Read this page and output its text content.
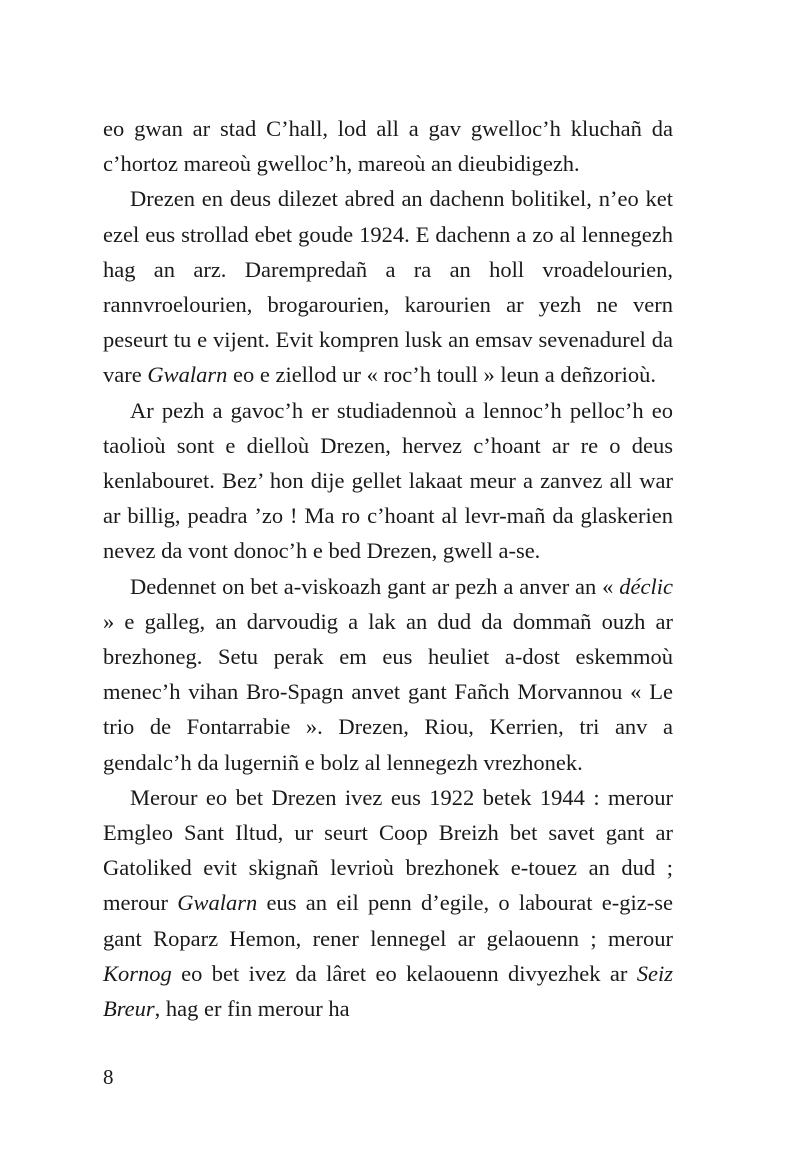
eo gwan ar stad C’hall, lod all a gav gwelloc’h kluchañ da c’hortoz mareoù gwelloc’h, mareoù an dieubidigezh.

Drezen en deus dilezet abred an dachenn bolitikel, n’eo ket ezel eus strollad ebet goude 1924. E dachenn a zo al lennegezh hag an arz. Darempredañ a ra an holl vroadelourien, rannvroelourien, brogarourien, karourien ar yezh ne vern peseurt tu e vijent. Evit kompren lusk an emsav sevenadurel da vare Gwalarn eo e ziellod ur « roc’h toull » leun a deñzorioù.

Ar pezh a gavoc’h er studiadennoù a lennoc’h pelloc’h eo taolioù sont e dielloù Drezen, hervez c’hoant ar re o deus kenlabouret. Bez’ hon dije gellet lakaat meur a zanvez all war ar billig, peadra ’zo ! Ma ro c’hoant al levr-mañ da glaskerien nevez da vont donoc’h e bed Drezen, gwell a-se.

Dedennet on bet a-viskoazh gant ar pezh a anver an « déclic » e galleg, an darvoudig a lak an dud da dommañ ouzh ar brezhoneg. Setu perak em eus heuliet a-dost eskemmoù menec’h vihan Bro-Spagn anvet gant Fañch Morvannou « Le trio de Fontarrabie ». Drezen, Riou, Kerrien, tri anv a gendalc’h da lugerniñ e bolz al lennegezh vrezhonek.

Merour eo bet Drezen ivez eus 1922 betek 1944 : merour Emgleo Sant Iltud, ur seurt Coop Breizh bet savet gant ar Gatoliked evit skignañ levrioù brezhonek e-touez an dud ; merour Gwalarn eus an eil penn d’egile, o labourat e-giz-se gant Roparz Hemon, rener lennegel ar gelaouenn ; merour Kornog eo bet ivez da lâret eo kelaouenn divyezhek ar Seiz Breur, hag er fin merour ha

8
